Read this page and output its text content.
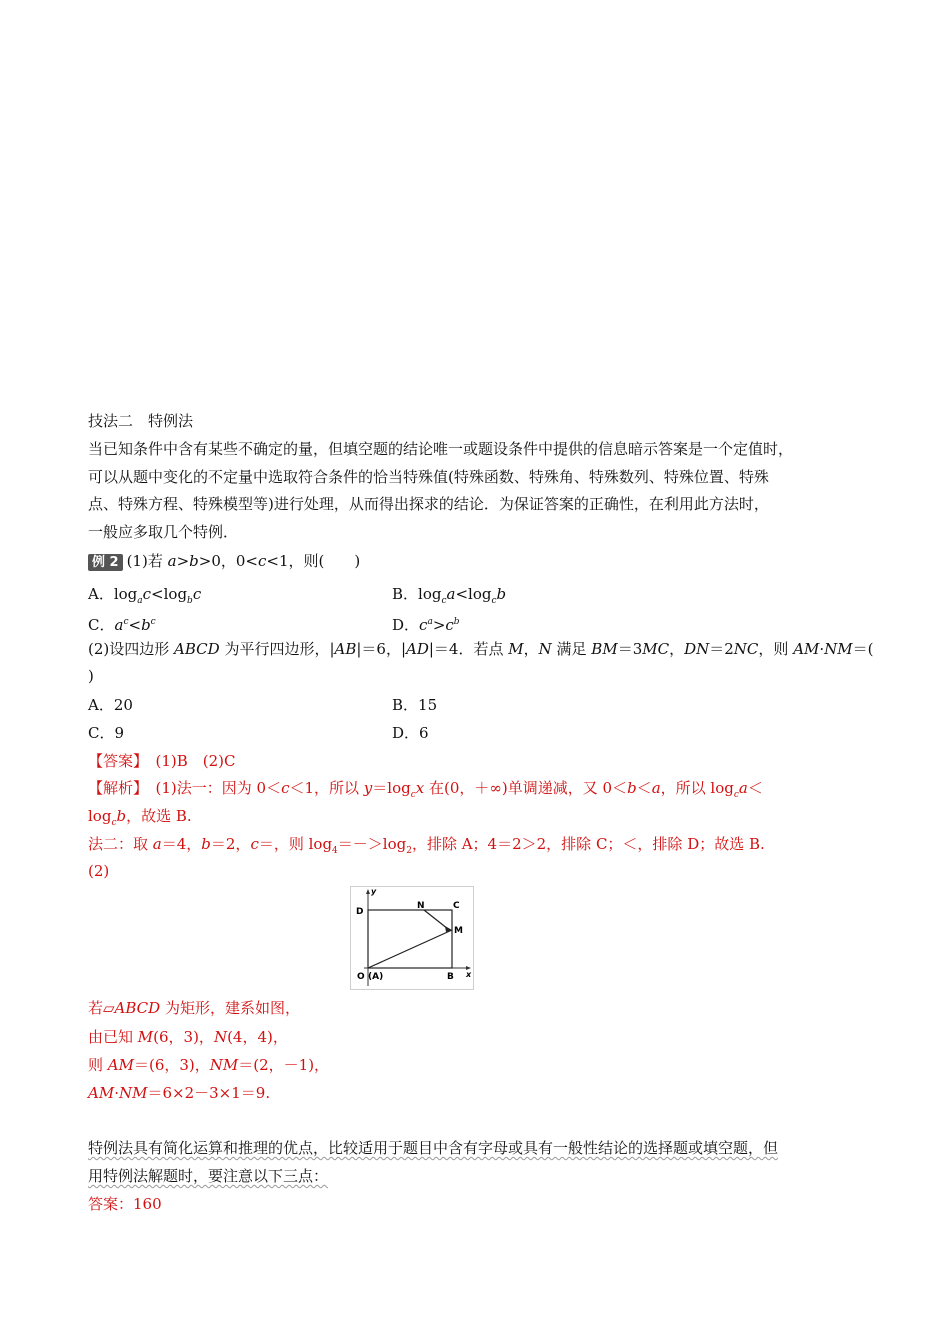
技法二　特例法
当已知条件中含有某些不确定的量，但填空题的结论唯一或题设条件中提供的信息暗示答案是一个定值时，
可以从题中变化的不定量中选取符合条件的恰当特殊值(特殊函数、特殊角、特殊数列、特殊位置、特殊
点、特殊方程、特殊模型等)进行处理，从而得出探求的结论．为保证答案的正确性，在利用此方法时，
一般应多取几个特例．
例 2 (1)若 a>b>0，0<c<1，则(　　)
A．$\log_ac<\log_bc$	B．$\log_ca<\log_cb$
C．$a^c<b^c$	D．$c^a>c^b$
(2)设四边形 ABCD 为平行四边形，|AB|＝6，|AD|＝4．若点 M，N 满足 BM＝3MC，DN＝2NC，则 AM·NM＝(
)
A．20	B．15
C．9	D．6
【答案】　(1)B　(2)C
【解析】　(1)法一：因为 0＜c＜1，所以 $y=\log_cx$ 在(0，＋∞)单调递减，又 0＜b＜a，所以 $\log_ca<$
$\log_cb$，故选 B.
法二：取 a＝4，b＝2，c＝，则 $\log_4=->\log_2$，排除 A；4＝2＞2，排除 C；＜，排除 D；故选 B.
(2)
y
x
D
N	C
M
O (A)	B
若▱ABCD 为矩形，建系如图，
由已知 M(6，3)，N(4，4)，
则 AM＝(6，3)，NM＝(2，－1)，
AM·NM＝6×2－3×1＝9.
特例法具有简化运算和推理的优点，比较适用于题目中含有字母或具有一般性结论的选择题或填空题，但
用特例法解题时，要注意以下三点：
答案：160
